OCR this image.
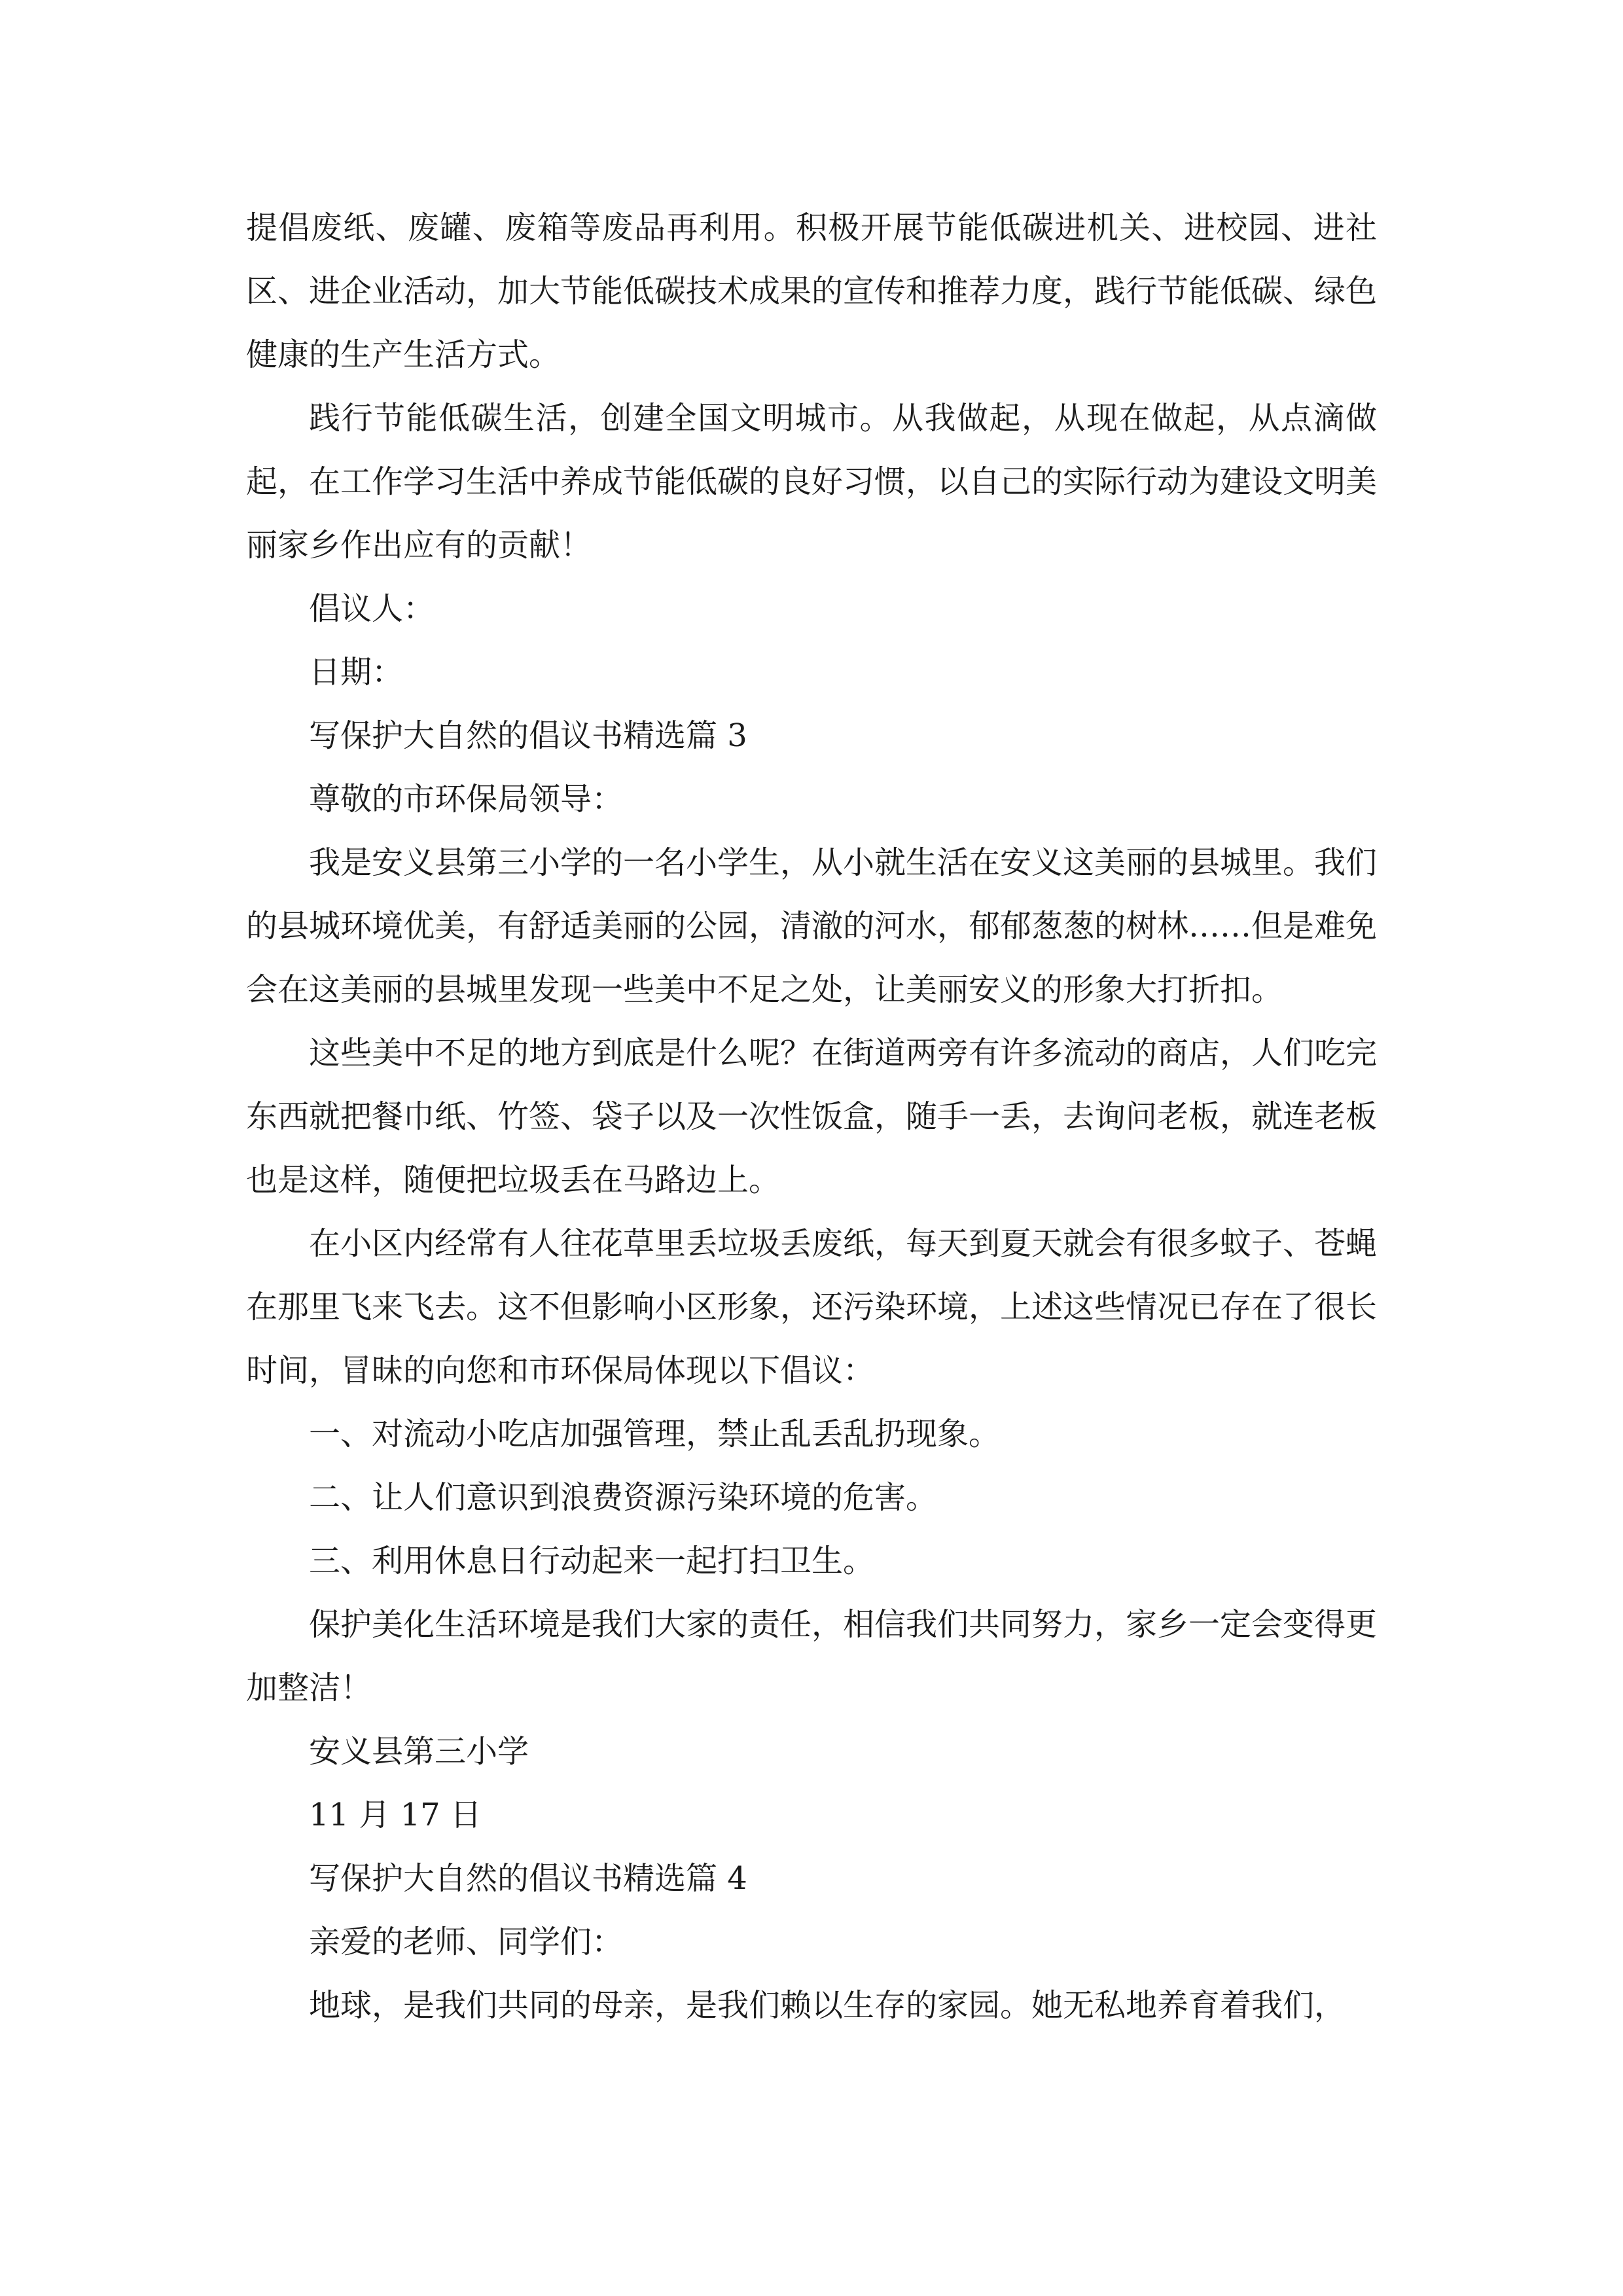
提倡废纸、废罐、废箱等废品再利用。积极开展节能低碳进机关、进校园、进社区、进企业活动，加大节能低碳技术成果的宣传和推荐力度，践行节能低碳、绿色健康的生产生活方式。

践行节能低碳生活，创建全国文明城市。从我做起，从现在做起，从点滴做起，在工作学习生活中养成节能低碳的良好习惯，以自己的实际行动为建设文明美丽家乡作出应有的贡献！

倡议人：

日期：

写保护大自然的倡议书精选篇 3

尊敬的市环保局领导：

我是安义县第三小学的一名小学生，从小就生活在安义这美丽的县城里。我们的县城环境优美，有舒适美丽的公园，清澈的河水，郁郁葱葱的树林……但是难免会在这美丽的县城里发现一些美中不足之处，让美丽安义的形象大打折扣。

这些美中不足的地方到底是什么呢？在街道两旁有许多流动的商店，人们吃完东西就把餐巾纸、竹签、袋子以及一次性饭盒，随手一丢，去询问老板，就连老板也是这样，随便把垃圾丢在马路边上。

在小区内经常有人往花草里丢垃圾丢废纸，每天到夏天就会有很多蚊子、苍蝇在那里飞来飞去。这不但影响小区形象，还污染环境，上述这些情况已存在了很长时间，冒昧的向您和市环保局体现以下倡议：

一、对流动小吃店加强管理，禁止乱丢乱扔现象。

二、让人们意识到浪费资源污染环境的危害。

三、利用休息日行动起来一起打扫卫生。

保护美化生活环境是我们大家的责任，相信我们共同努力，家乡一定会变得更加整洁！

安义县第三小学

11 月 17 日

写保护大自然的倡议书精选篇 4

亲爱的老师、同学们：

地球，是我们共同的母亲，是我们赖以生存的家园。她无私地养育着我们，
